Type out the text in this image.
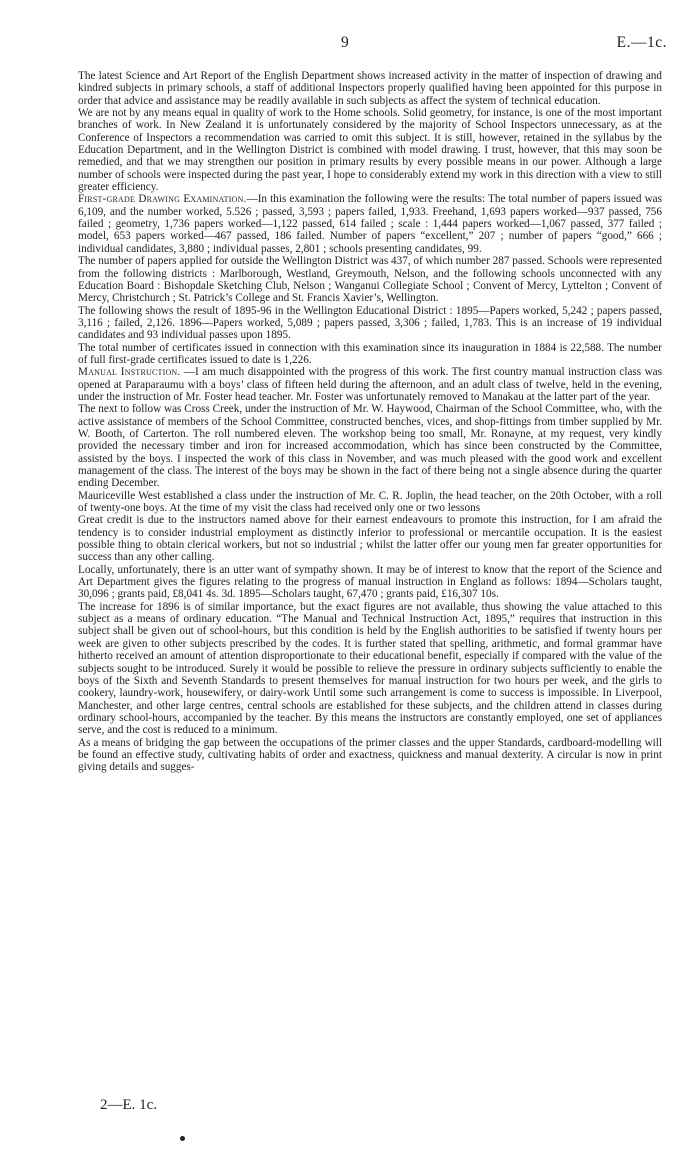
9	E.—1c.

The latest Science and Art Report of the English Department shows increased activity in the matter of inspection of drawing and kindred subjects in primary schools, a staff of additional Inspectors properly qualified having been appointed for this purpose in order that advice and assistance may be readily available in such subjects as affect the system of technical education.

We are not by any means equal in quality of work to the Home schools. Solid geometry, for instance, is one of the most important branches of work. In New Zealand it is unfortunately considered by the majority of School Inspectors unnecessary, as at the Conference of Inspectors a recommendation was carried to omit this subject. It is still, however, retained in the syllabus by the Education Department, and in the Wellington District is combined with model drawing. I trust, however, that this may soon be remedied, and that we may strengthen our position in primary results by every possible means in our power. Although a large number of schools were inspected during the past year, I hope to considerably extend my work in this direction with a view to still greater efficiency.

First-grade Drawing Examination.—In this examination the following were the results: The total number of papers issued was 6,109, and the number worked, 5.526 ; passed, 3,593 ; papers failed, 1,933. Freehand, 1,693 papers worked—937 passed, 756 failed ; geometry, 1,736 papers worked—1,122 passed, 614 failed ; scale : 1,444 papers worked—1,067 passed, 377 failed ; model, 653 papers worked—467 passed, 186 failed. Number of papers “excellent,” 207 ; number of papers “good,” 666 ; individual candidates, 3,880 ; individual passes, 2,801 ; schools presenting candidates, 99.

The number of papers applied for outside the Wellington District was 437, of which number 287 passed. Schools were represented from the following districts : Marlborough, Westland, Greymouth, Nelson, and the following schools unconnected with any Education Board : Bishopdale Sketching Club, Nelson ; Wanganui Collegiate School ; Convent of Mercy, Lyttelton ; Convent of Mercy, Christchurch ; St. Patrick’s College and St. Francis Xavier’s, Wellington.

The following shows the result of 1895-96 in the Wellington Educational District : 1895—Papers worked, 5,242 ; papers passed, 3,116 ; failed, 2,126. 1896—Papers worked, 5,089 ; papers passed, 3,306 ; failed, 1,783. This is an increase of 19 individual candidates and 93 individual passes upon 1895.

The total number of certificates issued in connection with this examination since its inauguration in 1884 is 22,588. The number of full first-grade certificates issued to date is 1,226.

Manual Instruction. —I am much disappointed with the progress of this work. The first country manual instruction class was opened at Paraparaumu with a boys’ class of fifteen held during the afternoon, and an adult class of twelve, held in the evening, under the instruction of Mr. Foster head teacher. Mr. Foster was unfortunately removed to Manakau at the latter part of the year.

The next to follow was Cross Creek, under the instruction of Mr. W. Haywood, Chairman of the School Committee, who, with the active assistance of members of the School Committee, constructed benches, vices, and shop-fittings from timber supplied by Mr. W. Booth, of Carterton. The roll numbered eleven. The workshop being too small, Mr. Ronayne, at my request, very kindly provided the necessary timber and iron for increased accommodation, which has since been constructed by the Committee, assisted by the boys. I inspected the work of this class in November, and was much pleased with the good work and excellent management of the class. The interest of the boys may be shown in the fact of there being not a single absence during the quarter ending December.

Mauriceville West established a class under the instruction of Mr. C. R. Joplin, the head teacher, on the 20th October, with a roll of twenty-one boys. At the time of my visit the class had received only one or two lessons

Great credit is due to the instructors named above for their earnest endeavours to promote this instruction, for I am afraid the tendency is to consider industrial employment as distinctly inferior to professional or mercantile occupation. It is the easiest possible thing to obtain clerical workers, but not so industrial ; whilst the latter offer our young men far greater opportunities for success than any other calling.

Locally, unfortunately, there is an utter want of sympathy shown. It may be of interest to know that the report of the Science and Art Department gives the figures relating to the progress of manual instruction in England as follows: 1894—Scholars taught, 30,096 ; grants paid, £8,041 4s. 3d. 1895—Scholars taught, 67,470 ; grants paid, £16,307 10s.

The increase for 1896 is of similar importance, but the exact figures are not available, thus showing the value attached to this subject as a means of ordinary education. “The Manual and Technical Instruction Act, 1895,” requires that instruction in this subject shall be given out of school-hours, but this condition is held by the English authorities to be satisfied if twenty hours per week are given to other subjects prescribed by the codes. It is further stated that spelling, arithmetic, and formal grammar have hitherto received an amount of attention disproportionate to their educational benefit, especially if compared with the value of the subjects sought to be introduced. Surely it would be possible to relieve the pressure in ordinary subjects sufficiently to enable the boys of the Sixth and Seventh Standards to present themselves for manual instruction for two hours per week, and the girls to cookery, laundry-work, housewifery, or dairy-work Until some such arrangement is come to success is impossible. In Liverpool, Manchester, and other large centres, central schools are established for these subjects, and the children attend in classes during ordinary school-hours, accompanied by the teacher. By this means the instructors are constantly employed, one set of appliances serve, and the cost is reduced to a minimum.

As a means of bridging the gap between the occupations of the primer classes and the upper Standards, cardboard-modelling will be found an effective study, cultivating habits of order and exactness, quickness and manual dexterity. A circular is now in print giving details and sugges-

2—E. 1c.
